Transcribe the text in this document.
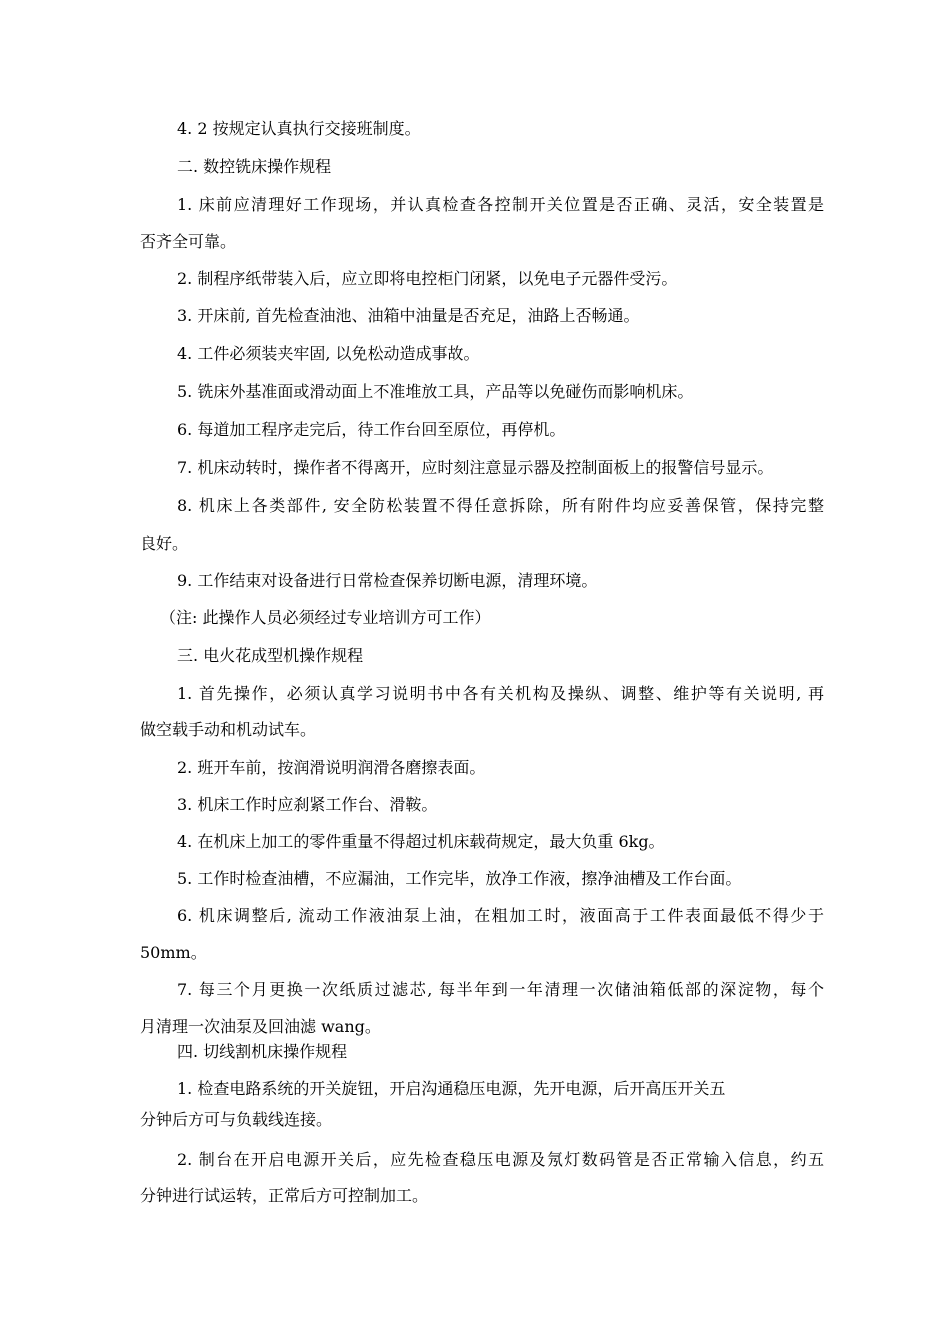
4. 2 按规定认真执行交接班制度。

二. 数控铣床操作规程

1. 床前应清理好工作现场，并认真检查各控制开关位置是否正确、灵活，安全装置是

否齐全可靠。

2. 制程序纸带装入后，应立即将电控柜门闭紧，以免电子元器件受污。

3. 开床前, 首先检查油池、油箱中油量是否充足，油路上否畅通。

4. 工件必须装夹牢固, 以免松动造成事故。

5. 铣床外基准面或滑动面上不准堆放工具，产品等以免碰伤而影响机床。

6. 每道加工程序走完后，待工作台回至原位，再停机。

7. 机床动转时，操作者不得离开，应时刻注意显示器及控制面板上的报警信号显示。

8. 机床上各类部件, 安全防松装置不得任意拆除，所有附件均应妥善保管，保持完整

良好。

9. 工作结束对设备进行日常检查保养切断电源，清理环境。

（注: 此操作人员必须经过专业培训方可工作）

三. 电火花成型机操作规程

1. 首先操作，必须认真学习说明书中各有关机构及操纵、调整、维护等有关说明, 再

做空载手动和机动试车。

2. 班开车前，按润滑说明润滑各磨擦表面。

3. 机床工作时应刹紧工作台、滑鞍。

4. 在机床上加工的零件重量不得超过机床载荷规定，最大负重 6kg。

5. 工作时检查油槽，不应漏油，工作完毕，放净工作液，擦净油槽及工作台面。

6. 机床调整后, 流动工作液油泵上油，在粗加工时，液面高于工件表面最低不得少于

50mm。

7. 每三个月更换一次纸质过滤芯, 每半年到一年清理一次储油箱低部的深淀物，每个

月清理一次油泵及回油滤 wang。

四. 切线割机床操作规程

1. 检查电路系统的开关旋钮，开启沟通稳压电源，先开电源，后开高压开关五

分钟后方可与负载线连接。

2. 制台在开启电源开关后，应先检查稳压电源及氖灯数码管是否正常输入信息，约五

分钟进行试运转，正常后方可控制加工。
